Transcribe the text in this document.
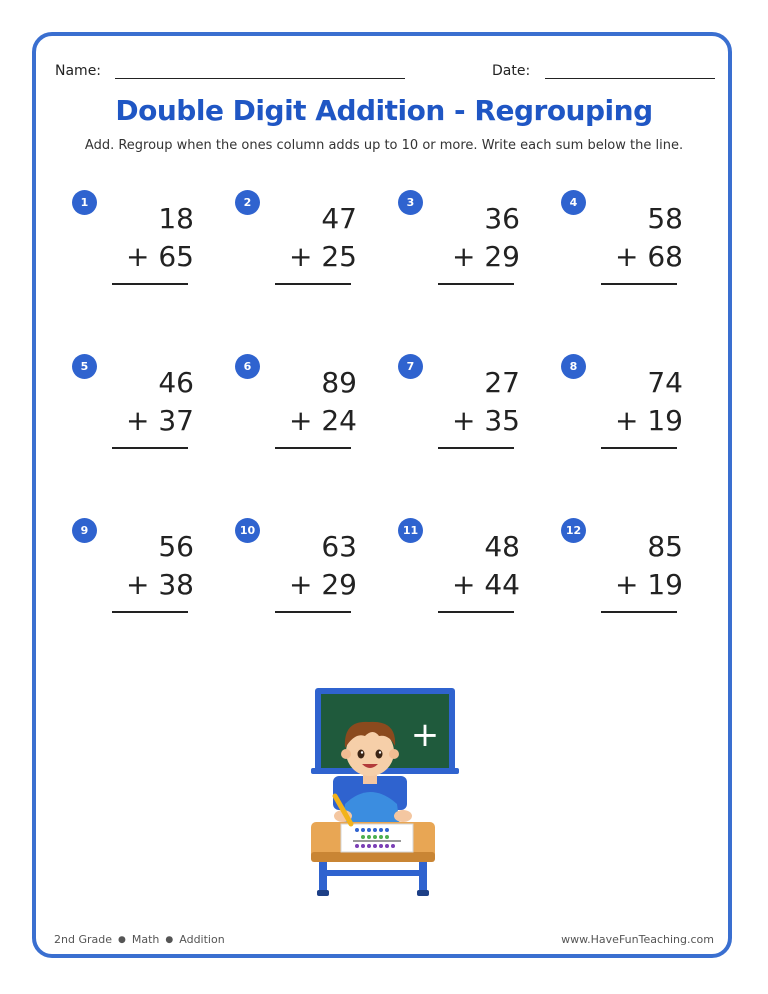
Name:	Date:
Double Digit Addition - Regrouping
Add. Regroup when the ones column adds up to 10 or more. Write each sum below the line.
1	18
+ 65
2	47
+ 25
3	36
+ 29
4	58
+ 68
5	46
+ 37
6	89
+ 24
7	27
+ 35
8	74
+ 19
9	56
+ 38
10 63
+ 29
11 48
+ 44
12 85
+ 19
+
2nd Grade ● Math ● Addition	www.HaveFunTeaching.com
